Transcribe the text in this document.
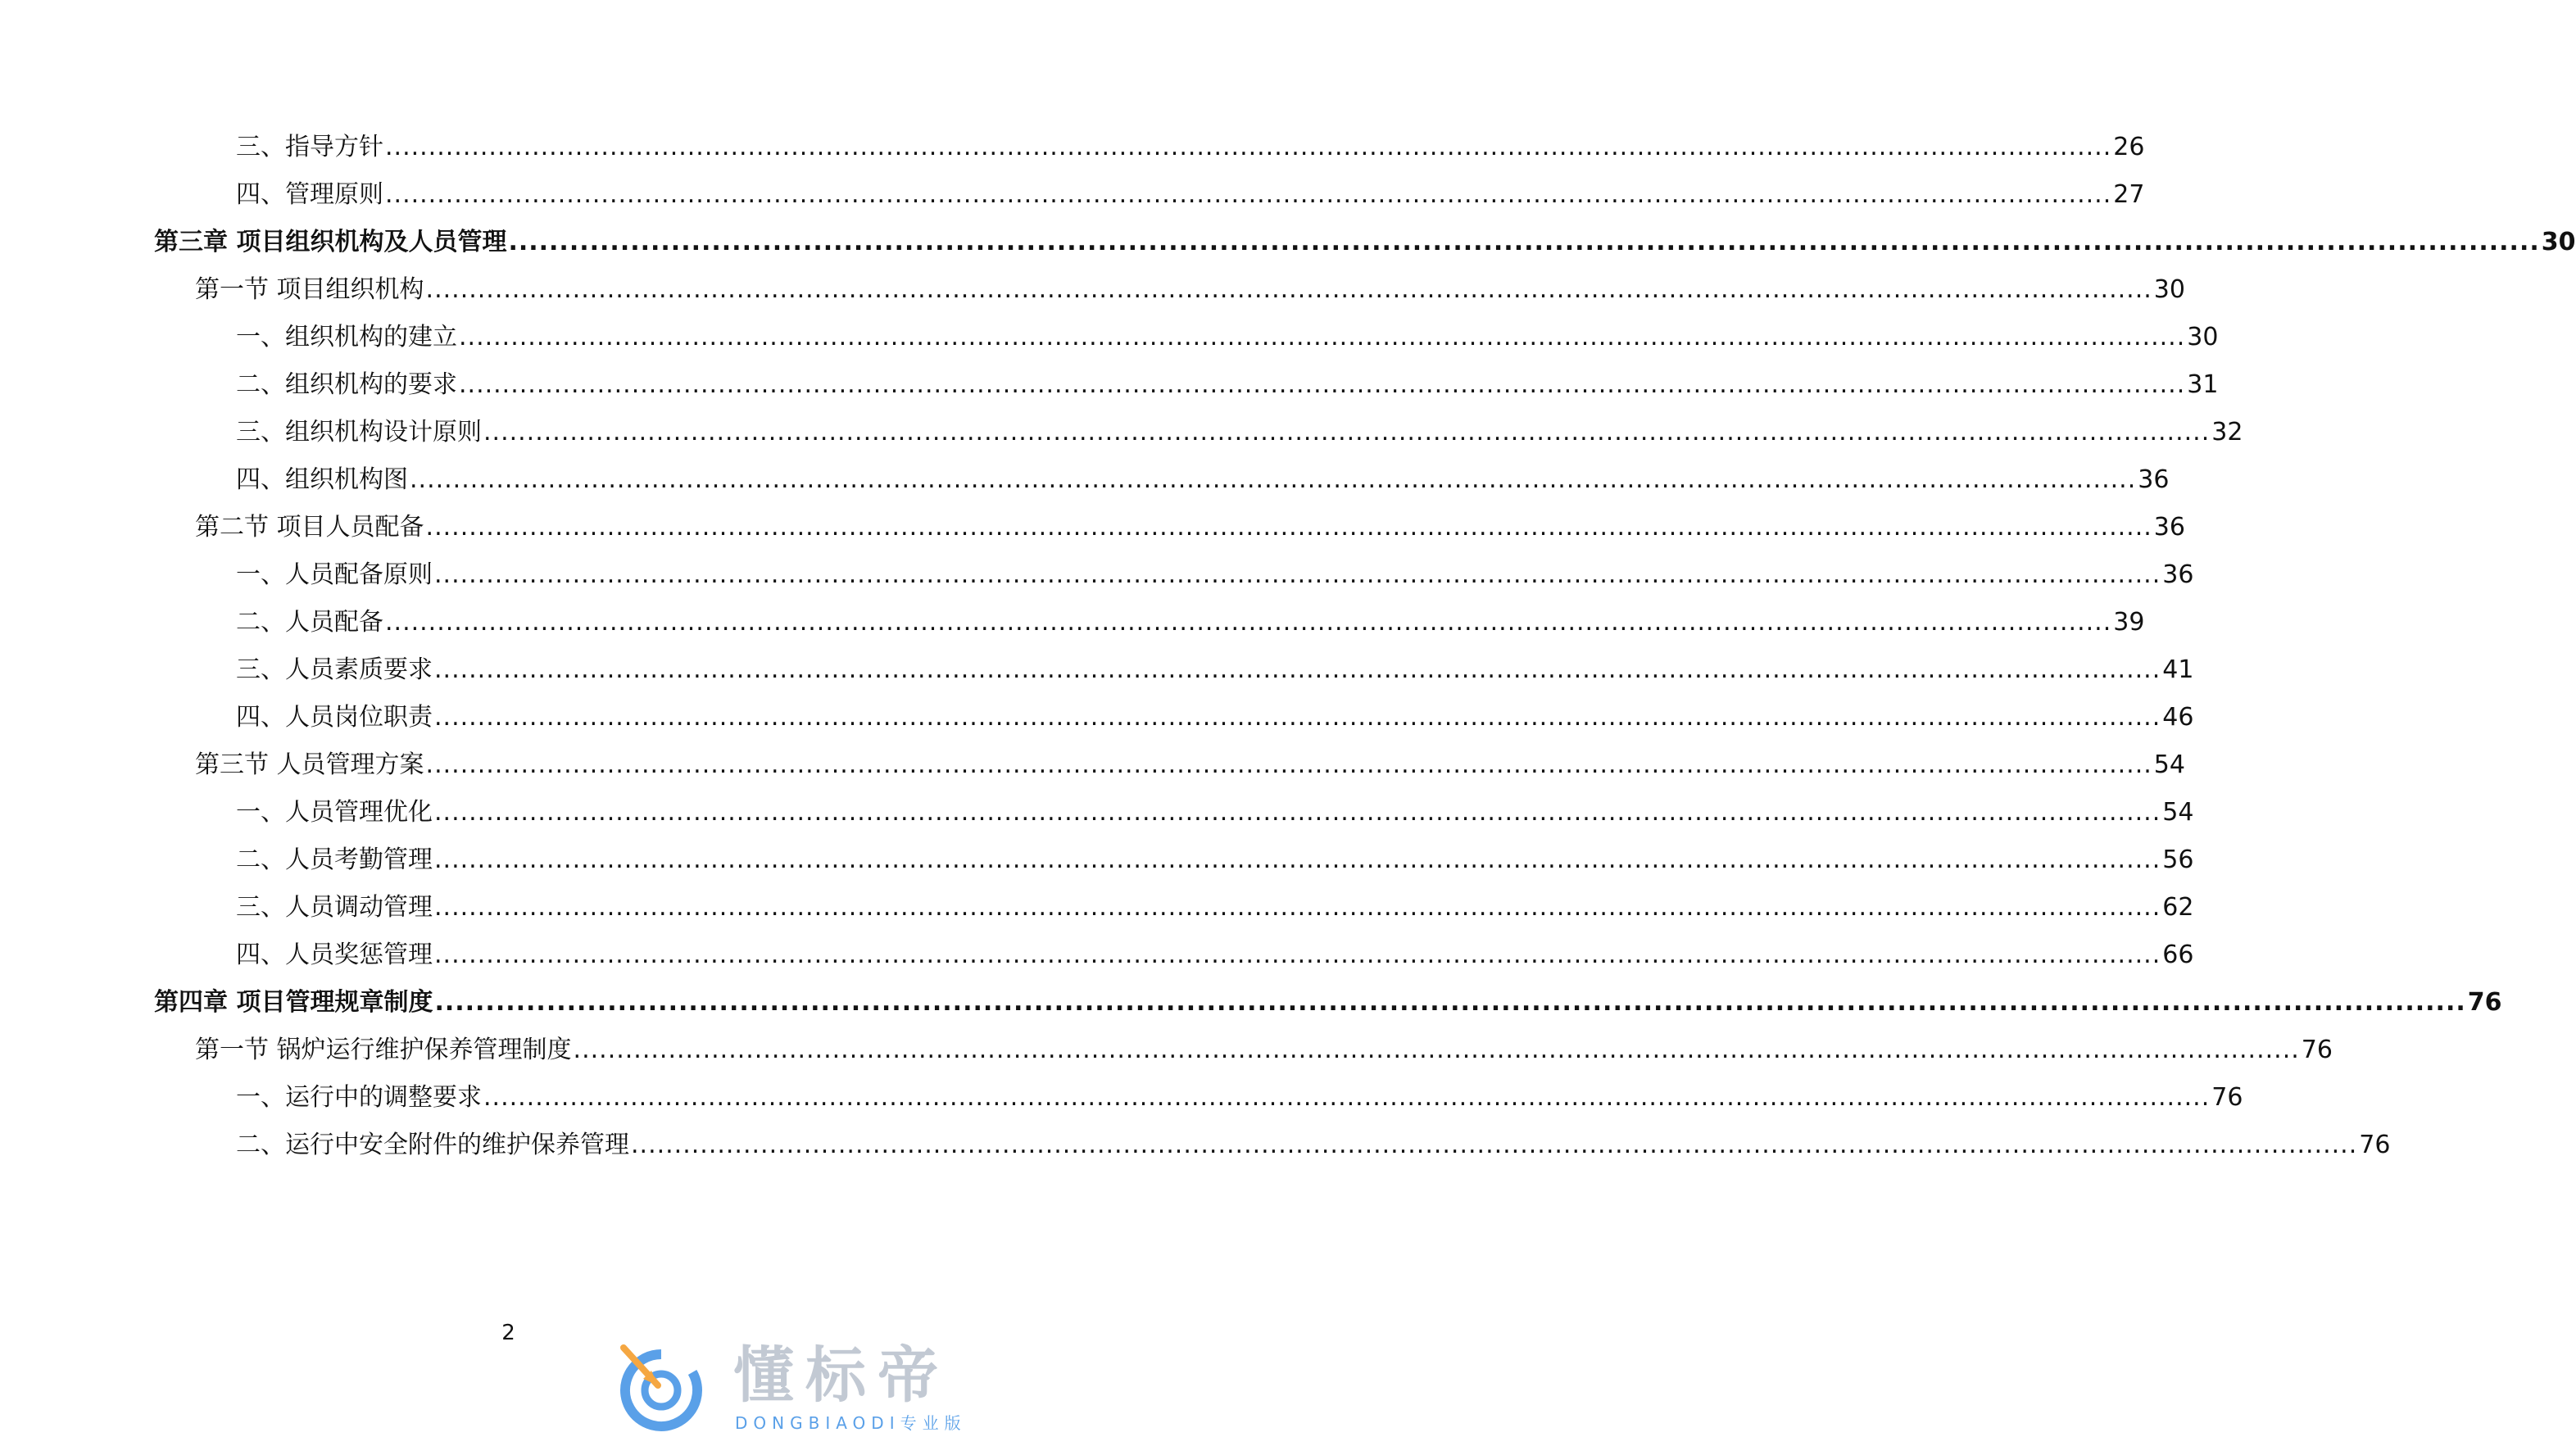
三、指导方针 ........................................................................................................................................................................................................ 26
四、管理原则 ........................................................................................................................................................................................................ 27
第三章 项目组织机构及人员管理 ........................................................................................................................................................................................................ 30
第一节 项目组织机构 ........................................................................................................................................................................................................ 30
一、组织机构的建立 ........................................................................................................................................................................................................ 30
二、组织机构的要求 ........................................................................................................................................................................................................ 31
三、组织机构设计原则 ........................................................................................................................................................................................................ 32
四、组织机构图 ........................................................................................................................................................................................................ 36
第二节 项目人员配备 ........................................................................................................................................................................................................ 36
一、人员配备原则 ........................................................................................................................................................................................................ 36
二、人员配备 ........................................................................................................................................................................................................ 39
三、人员素质要求 ........................................................................................................................................................................................................ 41
四、人员岗位职责 ........................................................................................................................................................................................................ 46
第三节 人员管理方案 ........................................................................................................................................................................................................ 54
一、人员管理优化 ........................................................................................................................................................................................................ 54
二、人员考勤管理 ........................................................................................................................................................................................................ 56
三、人员调动管理 ........................................................................................................................................................................................................ 62
四、人员奖惩管理 ........................................................................................................................................................................................................ 66
第四章 项目管理规章制度 ........................................................................................................................................................................................................ 76
第一节 锅炉运行维护保养管理制度 ........................................................................................................................................................................................................ 76
一、运行中的调整要求 ........................................................................................................................................................................................................ 76
二、运行中安全附件的维护保养管理 ........................................................................................................................................................................................................ 76
2
懂标帝
DONGBIAODI专业版
